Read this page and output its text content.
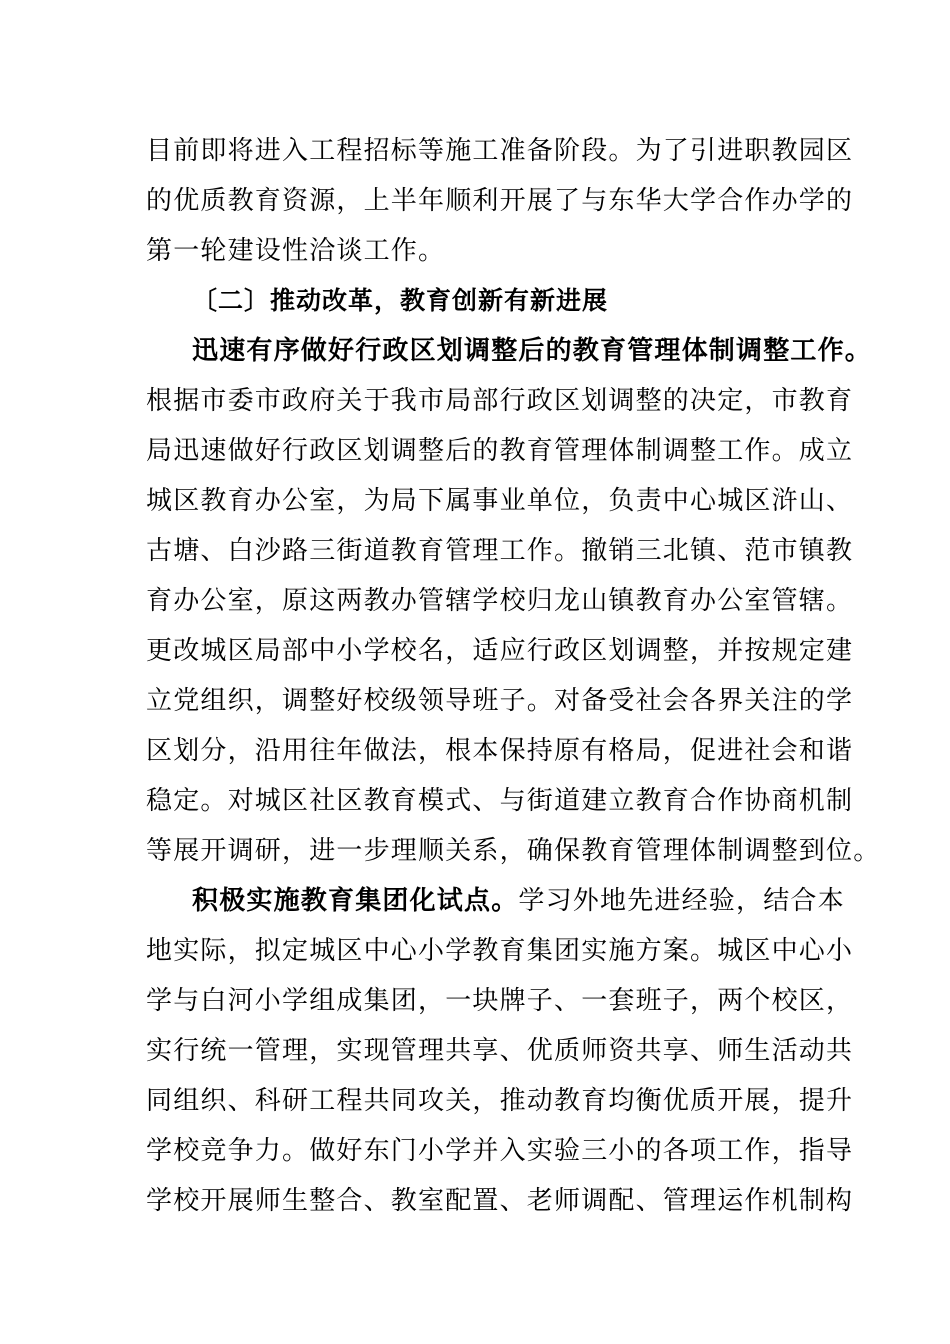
目前即将进入工程招标等施工准备阶段。为了引进职教园区
的优质教育资源，上半年顺利开展了与东华大学合作办学的
第一轮建设性洽谈工作。
〔二〕推动改革，教育创新有新进展
迅速有序做好行政区划调整后的教育管理体制调整工作。
根据市委市政府关于我市局部行政区划调整的决定，市教育
局迅速做好行政区划调整后的教育管理体制调整工作。成立
城区教育办公室，为局下属事业单位，负责中心城区浒山、
古塘、白沙路三街道教育管理工作。撤销三北镇、范市镇教
育办公室，原这两教办管辖学校归龙山镇教育办公室管辖。
更改城区局部中小学校名，适应行政区划调整，并按规定建
立党组织，调整好校级领导班子。对备受社会各界关注的学
区划分，沿用往年做法，根本保持原有格局，促进社会和谐
稳定。对城区社区教育模式、与街道建立教育合作协商机制
等展开调研，进一步理顺关系，确保教育管理体制调整到位。
积极实施教育集团化试点。学习外地先进经验，结合本
地实际，拟定城区中心小学教育集团实施方案。城区中心小
学与白河小学组成集团，一块牌子、一套班子，两个校区，
实行统一管理，实现管理共享、优质师资共享、师生活动共
同组织、科研工程共同攻关，推动教育均衡优质开展，提升
学校竞争力。做好东门小学并入实验三小的各项工作，指导
学校开展师生整合、教室配置、老师调配、管理运作机制构
